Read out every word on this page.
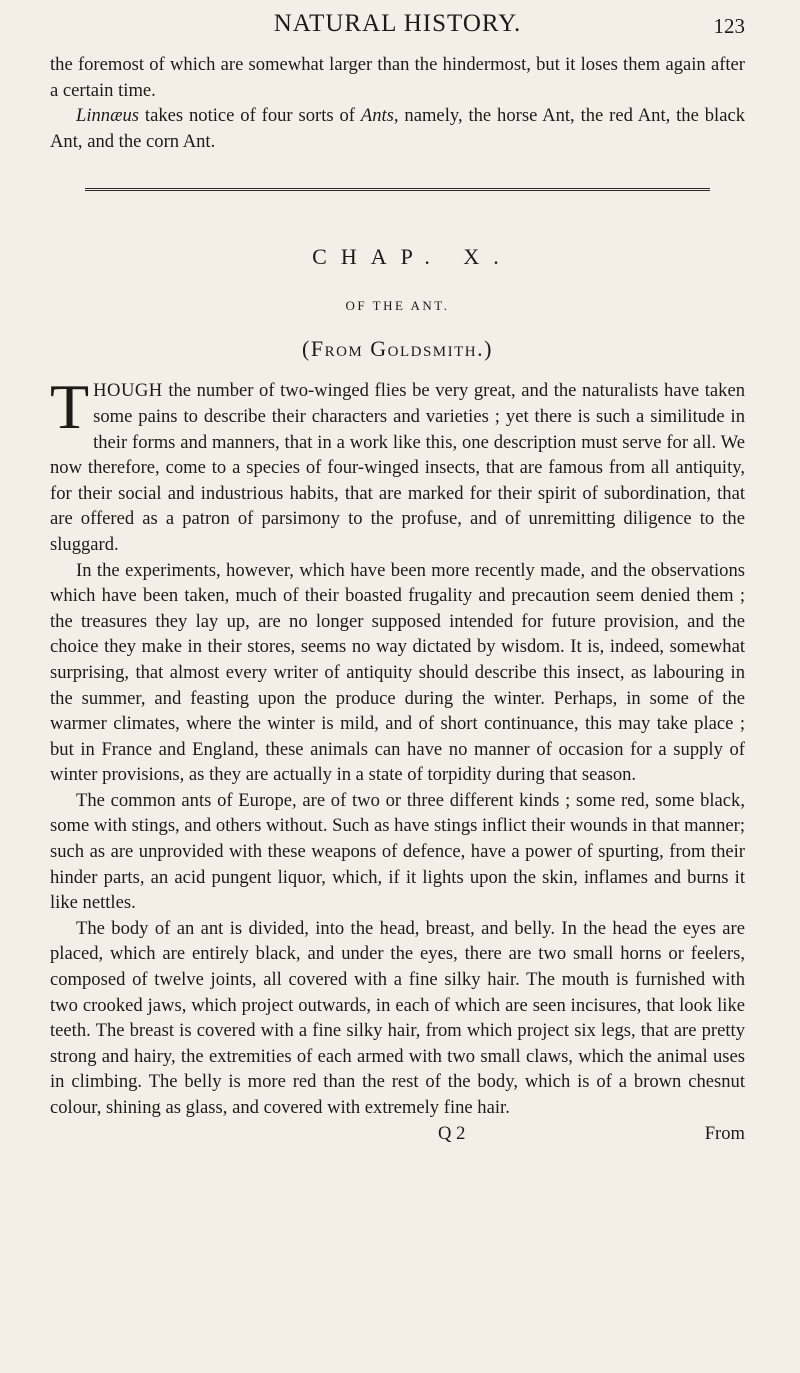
NATURAL HISTORY.	123

the foremost of which are somewhat larger than the hindermost, but it loses them again after a certain time.

Linnæus takes notice of four sorts of Ants, namely, the horse Ant, the red Ant, the black Ant, and the corn Ant.

CHAP. X.
OF THE ANT.
(From Goldsmith.)

THOUGH the number of two-winged flies be very great, and the naturalists have taken some pains to describe their characters and varieties ; yet there is such a similitude in their forms and manners, that in a work like this, one description must serve for all. We now therefore, come to a species of four-winged insects, that are famous from all antiquity, for their social and industrious habits, that are marked for their spirit of subordination, that are offered as a patron of parsimony to the profuse, and of unremitting diligence to the sluggard.

In the experiments, however, which have been more recently made, and the observations which have been taken, much of their boasted frugality and precaution seem denied them ; the treasures they lay up, are no longer supposed intended for future provision, and the choice they make in their stores, seems no way dictated by wisdom. It is, indeed, somewhat surprising, that almost every writer of antiquity should describe this insect, as labouring in the summer, and feasting upon the produce during the winter. Perhaps, in some of the warmer climates, where the winter is mild, and of short continuance, this may take place ; but in France and England, these animals can have no manner of occasion for a supply of winter provisions, as they are actually in a state of torpidity during that season.

The common ants of Europe, are of two or three different kinds ; some red, some black, some with stings, and others without. Such as have stings inflict their wounds in that manner; such as are unprovided with these weapons of defence, have a power of spurting, from their hinder parts, an acid pungent liquor, which, if it lights upon the skin, inflames and burns it like nettles.

The body of an ant is divided, into the head, breast, and belly. In the head the eyes are placed, which are entirely black, and under the eyes, there are two small horns or feelers, composed of twelve joints, all covered with a fine silky hair. The mouth is furnished with two crooked jaws, which project outwards, in each of which are seen incisures, that look like teeth. The breast is covered with a fine silky hair, from which project six legs, that are pretty strong and hairy, the extremities of each armed with two small claws, which the animal uses in climbing. The belly is more red than the rest of the body, which is of a brown chesnut colour, shining as glass, and covered with extremely fine hair.

Q 2	From
